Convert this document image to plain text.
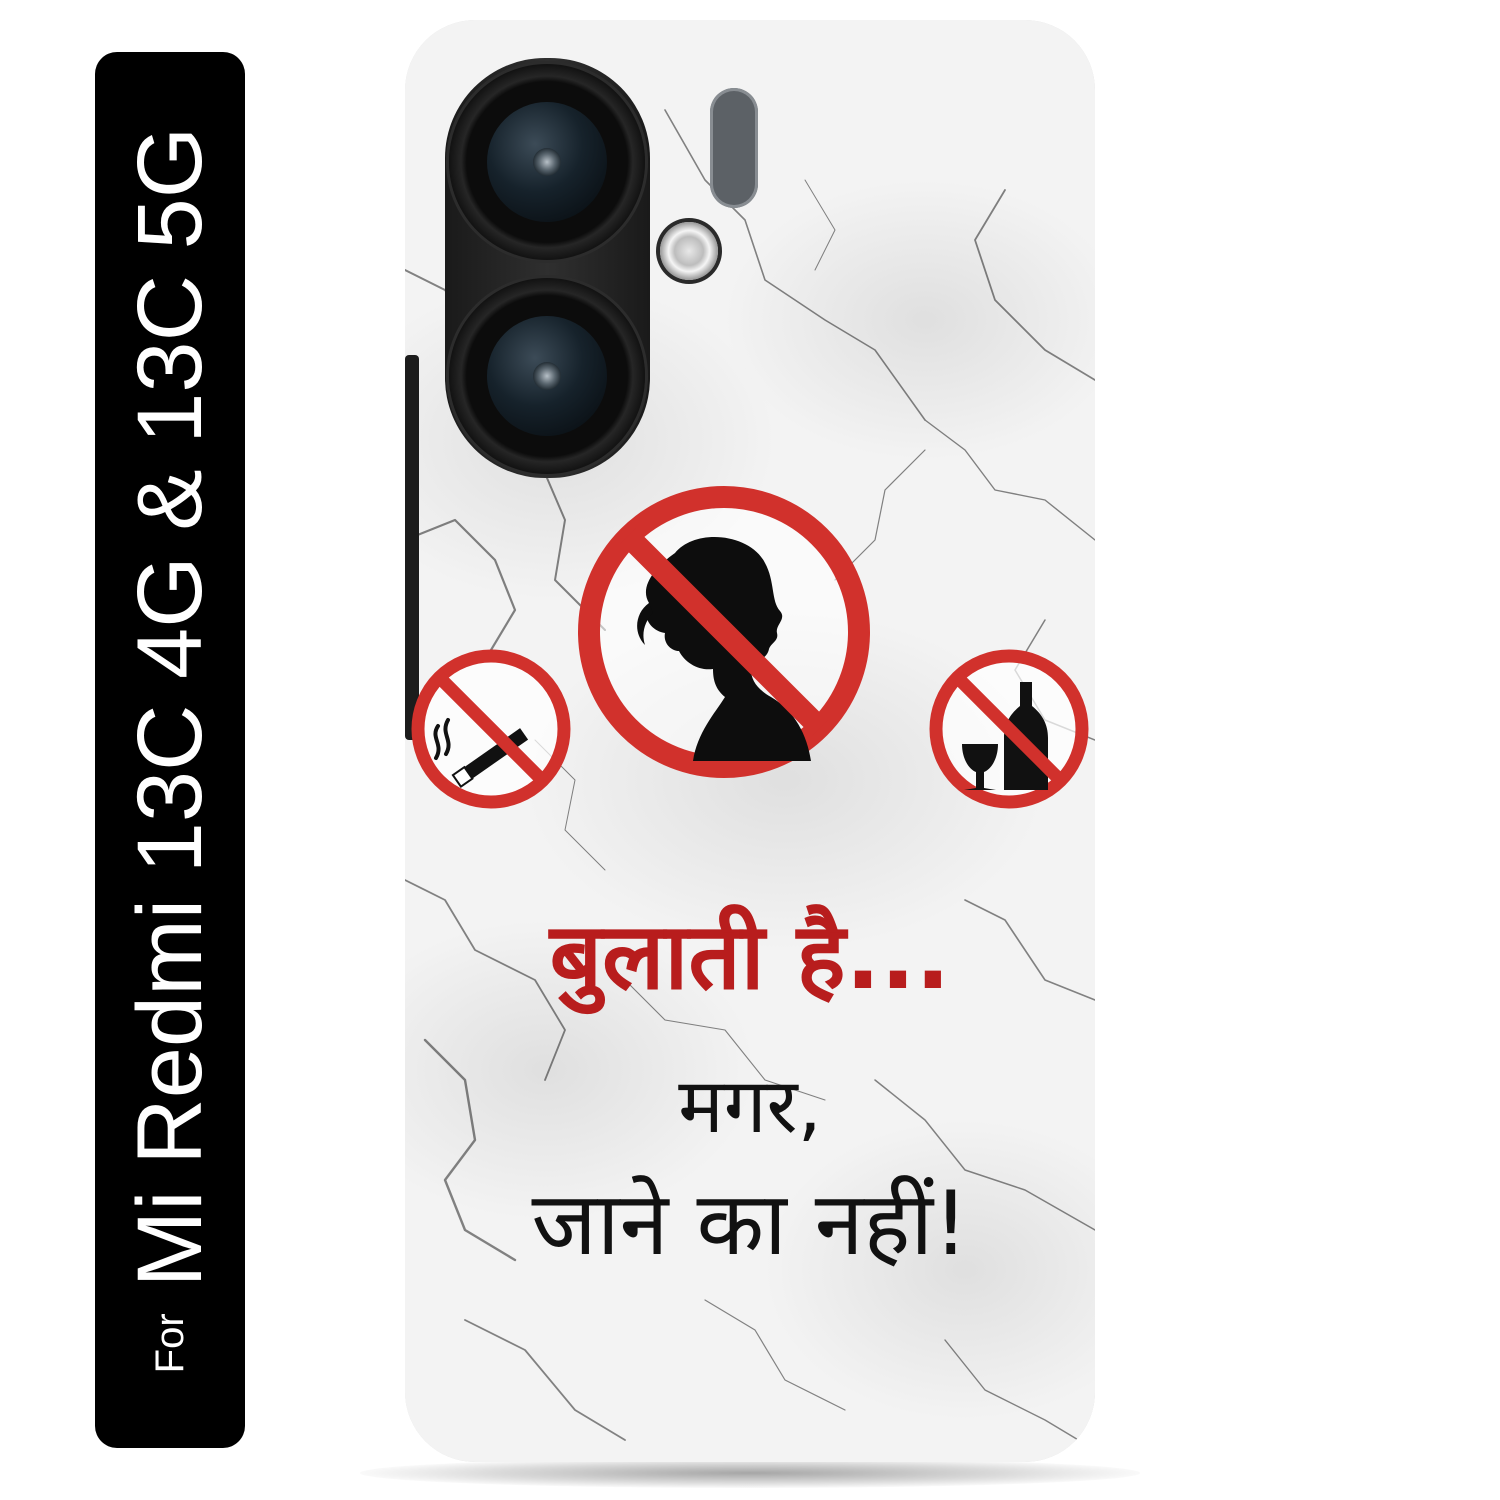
For
Mi Redmi 13C 4G & 13C 5G	बुलाती है...
मगर,
जाने का नहीं!
